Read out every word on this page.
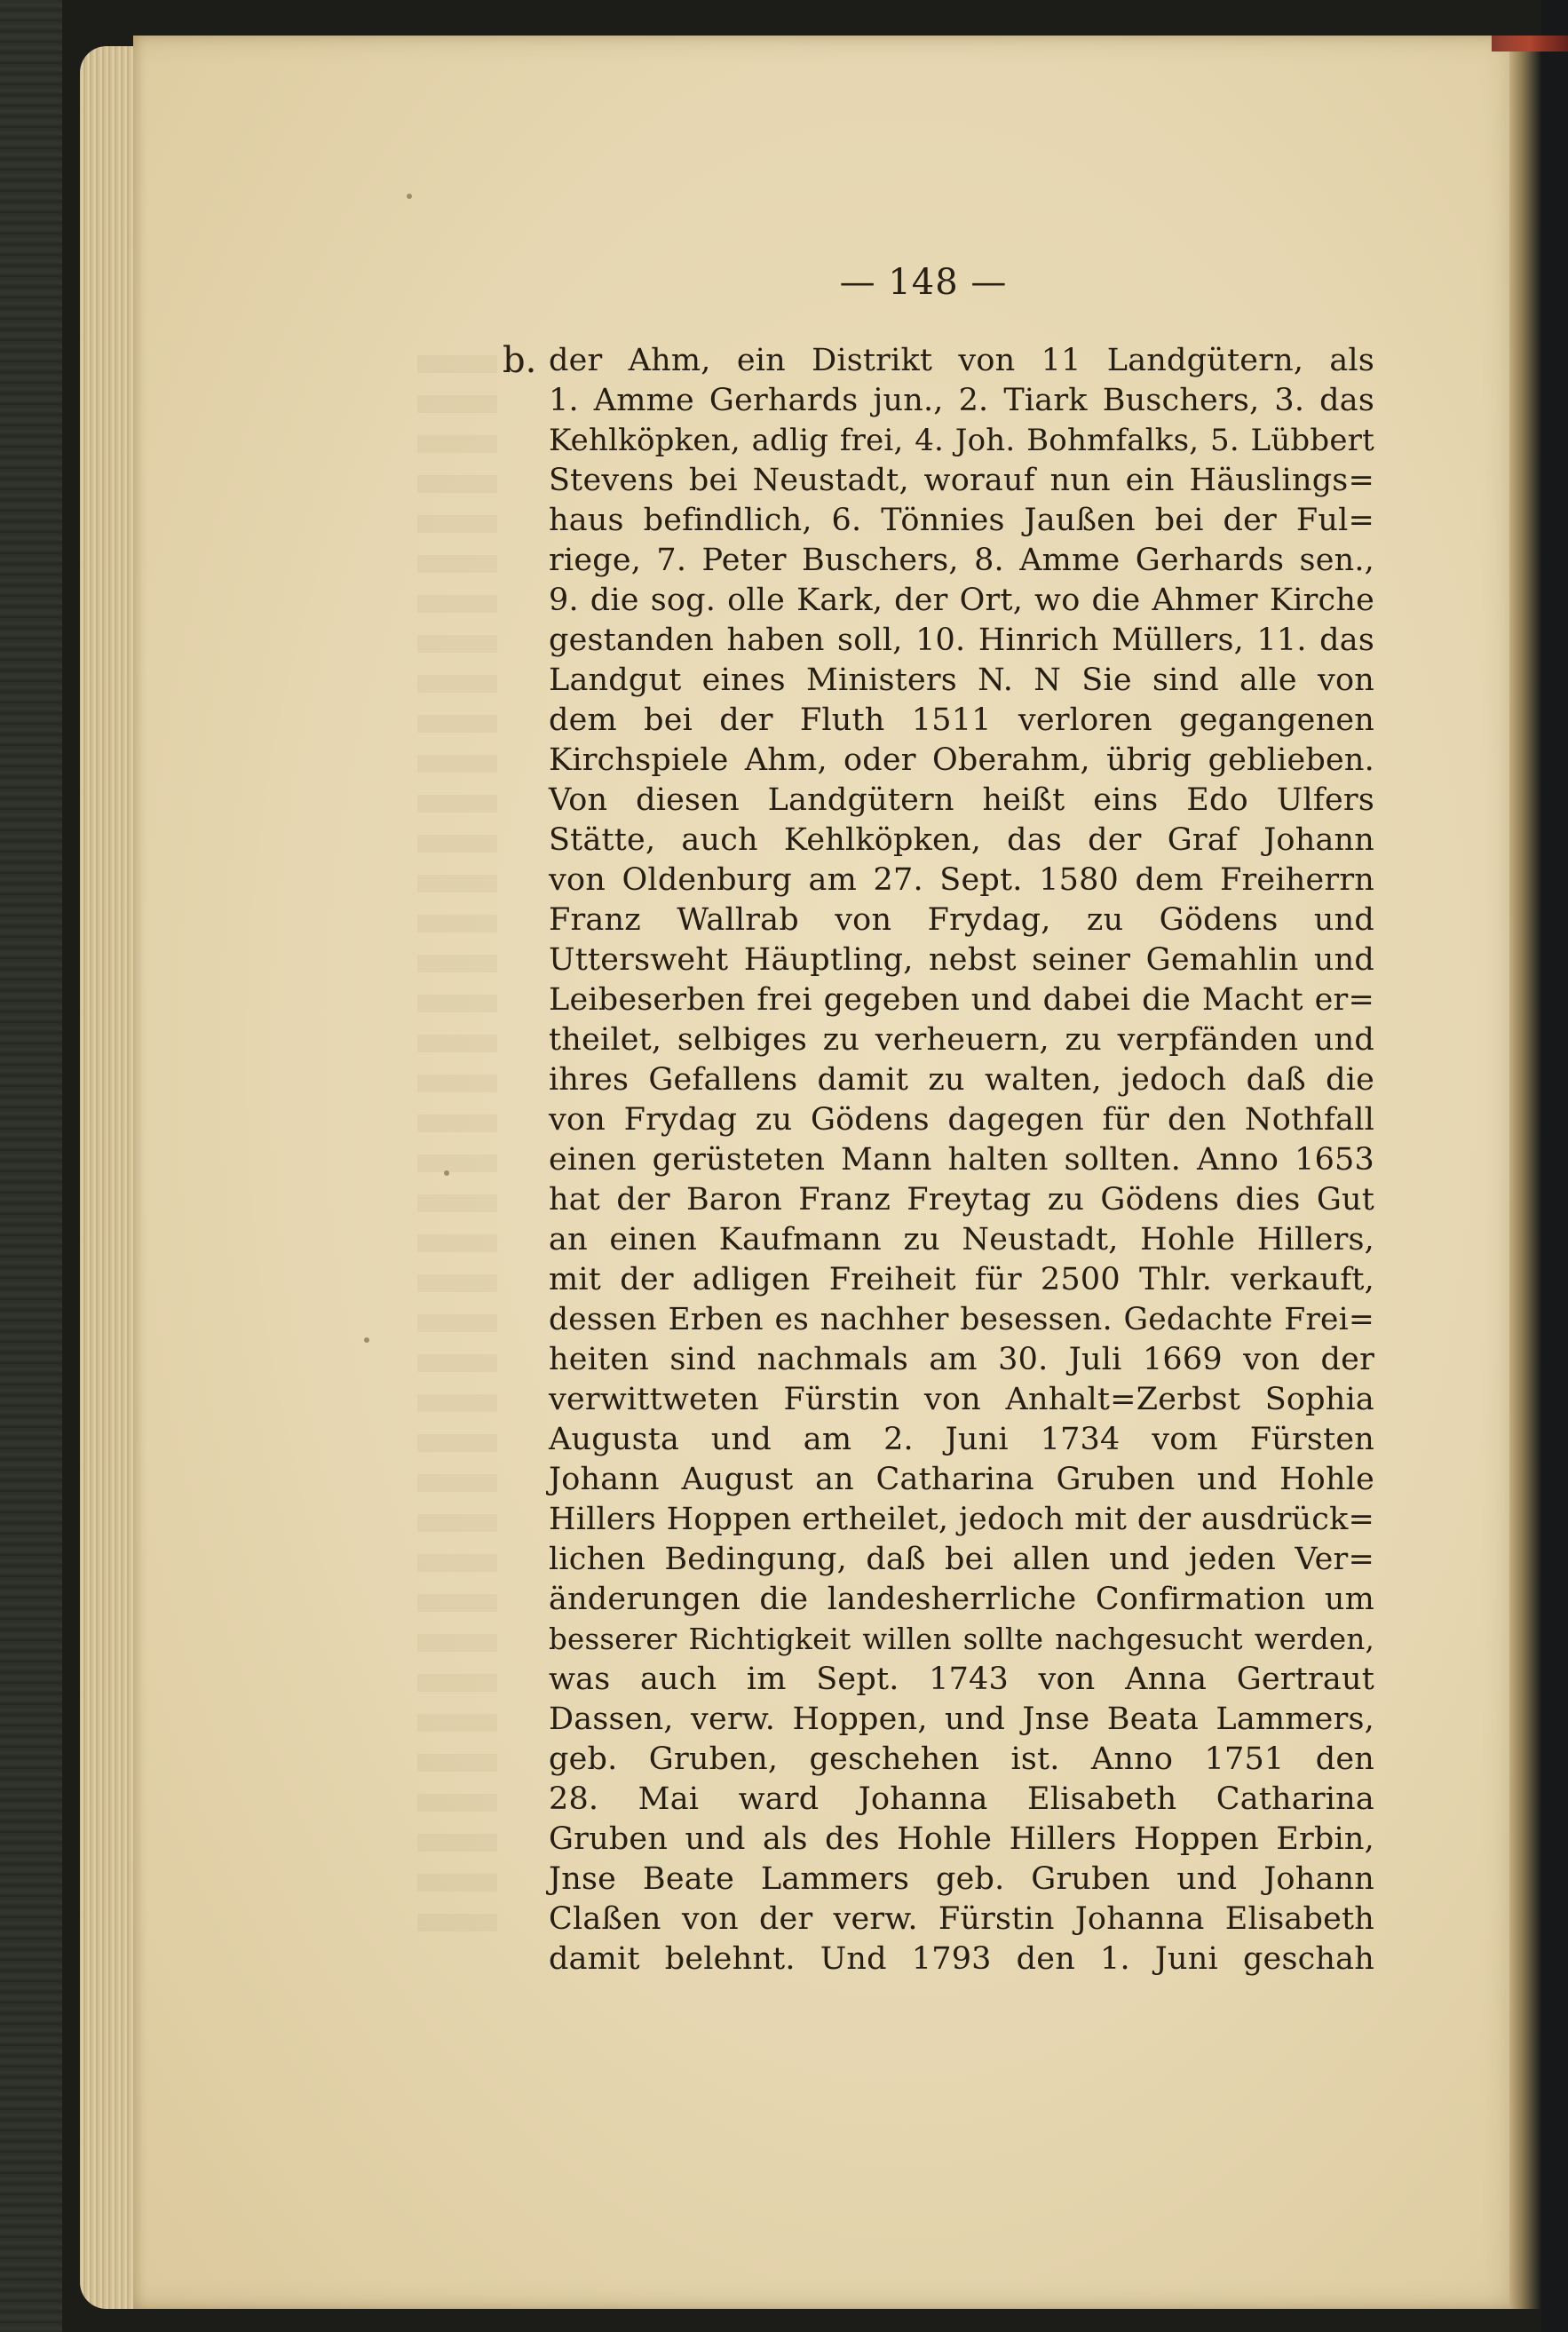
— 148 —
b. der Ahm, ein Distrikt von 11 Landgütern, als
1. Amme Gerhards jun., 2. Tiark Buschers, 3. das
Kehlköpken, adlig frei, 4. Joh. Bohmfalks, 5. Lübbert
Stevens bei Neustadt, worauf nun ein Häuslings=
haus befindlich, 6. Tönnies Jaußen bei der Ful=
riege, 7. Peter Buschers, 8. Amme Gerhards sen.,
9. die sog. olle Kark, der Ort, wo die Ahmer Kirche
gestanden haben soll, 10. Hinrich Müllers, 11. das
Landgut eines Ministers N. N Sie sind alle von
dem bei der Fluth 1511 verloren gegangenen
Kirchspiele Ahm, oder Oberahm, übrig geblieben.
Von diesen Landgütern heißt eins Edo Ulfers
Stätte, auch Kehlköpken, das der Graf Johann
von Oldenburg am 27. Sept. 1580 dem Freiherrn
Franz Wallrab von Frydag, zu Gödens und
Uttersweht Häuptling, nebst seiner Gemahlin und
Leibeserben frei gegeben und dabei die Macht er=
theilet, selbiges zu verheuern, zu verpfänden und
ihres Gefallens damit zu walten, jedoch daß die
von Frydag zu Gödens dagegen für den Nothfall
einen gerüsteten Mann halten sollten. Anno 1653
hat der Baron Franz Freytag zu Gödens dies Gut
an einen Kaufmann zu Neustadt, Hohle Hillers,
mit der adligen Freiheit für 2500 Thlr. verkauft,
dessen Erben es nachher besessen. Gedachte Frei=
heiten sind nachmals am 30. Juli 1669 von der
verwittweten Fürstin von Anhalt=Zerbst Sophia
Augusta und am 2. Juni 1734 vom Fürsten
Johann August an Catharina Gruben und Hohle
Hillers Hoppen ertheilet, jedoch mit der ausdrück=
lichen Bedingung, daß bei allen und jeden Ver=
änderungen die landesherrliche Confirmation um
besserer Richtigkeit willen sollte nachgesucht werden,
was auch im Sept. 1743 von Anna Gertraut
Dassen, verw. Hoppen, und Jnse Beata Lammers,
geb. Gruben, geschehen ist. Anno 1751 den
28. Mai ward Johanna Elisabeth Catharina
Gruben und als des Hohle Hillers Hoppen Erbin,
Jnse Beate Lammers geb. Gruben und Johann
Claßen von der verw. Fürstin Johanna Elisabeth
damit belehnt. Und 1793 den 1. Juni geschah
